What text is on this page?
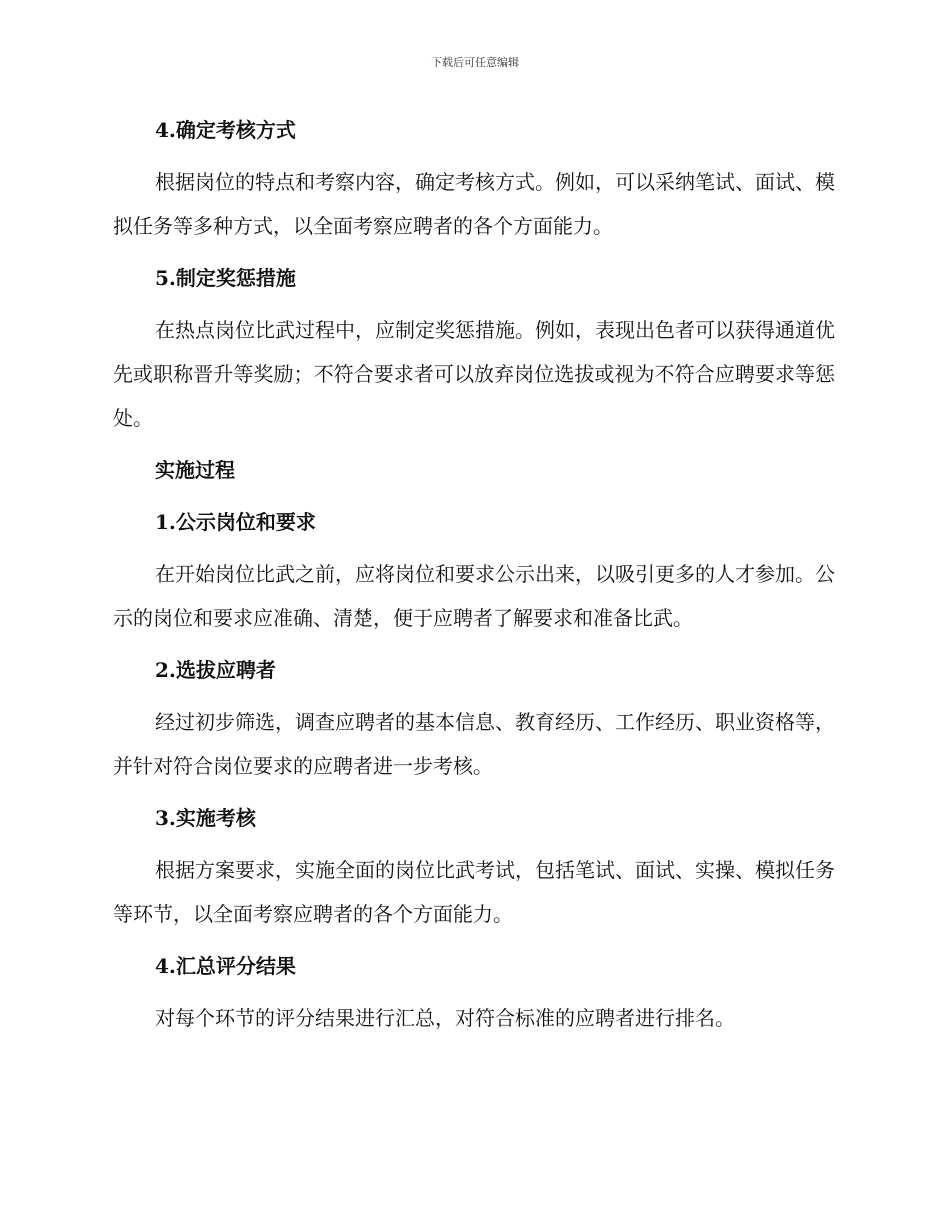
下载后可任意编辑
4.确定考核方式
根据岗位的特点和考察内容，确定考核方式。例如，可以采纳笔试、面试、模拟任务等多种方式，以全面考察应聘者的各个方面能力。
5.制定奖惩措施
在热点岗位比武过程中，应制定奖惩措施。例如，表现出色者可以获得通道优先或职称晋升等奖励；不符合要求者可以放弃岗位选拔或视为不符合应聘要求等惩处。
实施过程
1.公示岗位和要求
在开始岗位比武之前，应将岗位和要求公示出来，以吸引更多的人才参加。公示的岗位和要求应准确、清楚，便于应聘者了解要求和准备比武。
2.选拔应聘者
经过初步筛选，调查应聘者的基本信息、教育经历、工作经历、职业资格等，并针对符合岗位要求的应聘者进一步考核。
3.实施考核
根据方案要求，实施全面的岗位比武考试，包括笔试、面试、实操、模拟任务等环节，以全面考察应聘者的各个方面能力。
4.汇总评分结果
对每个环节的评分结果进行汇总，对符合标准的应聘者进行排名。
